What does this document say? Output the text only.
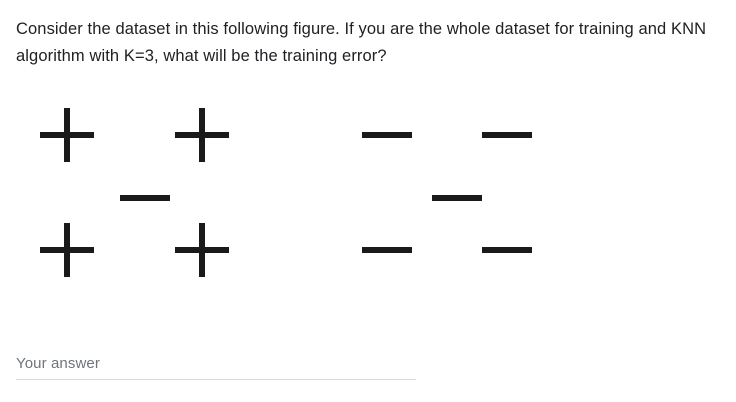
Consider the dataset in this following figure. If you are the whole dataset for training and KNN algorithm with K=3, what will be the training error?
Your answer
